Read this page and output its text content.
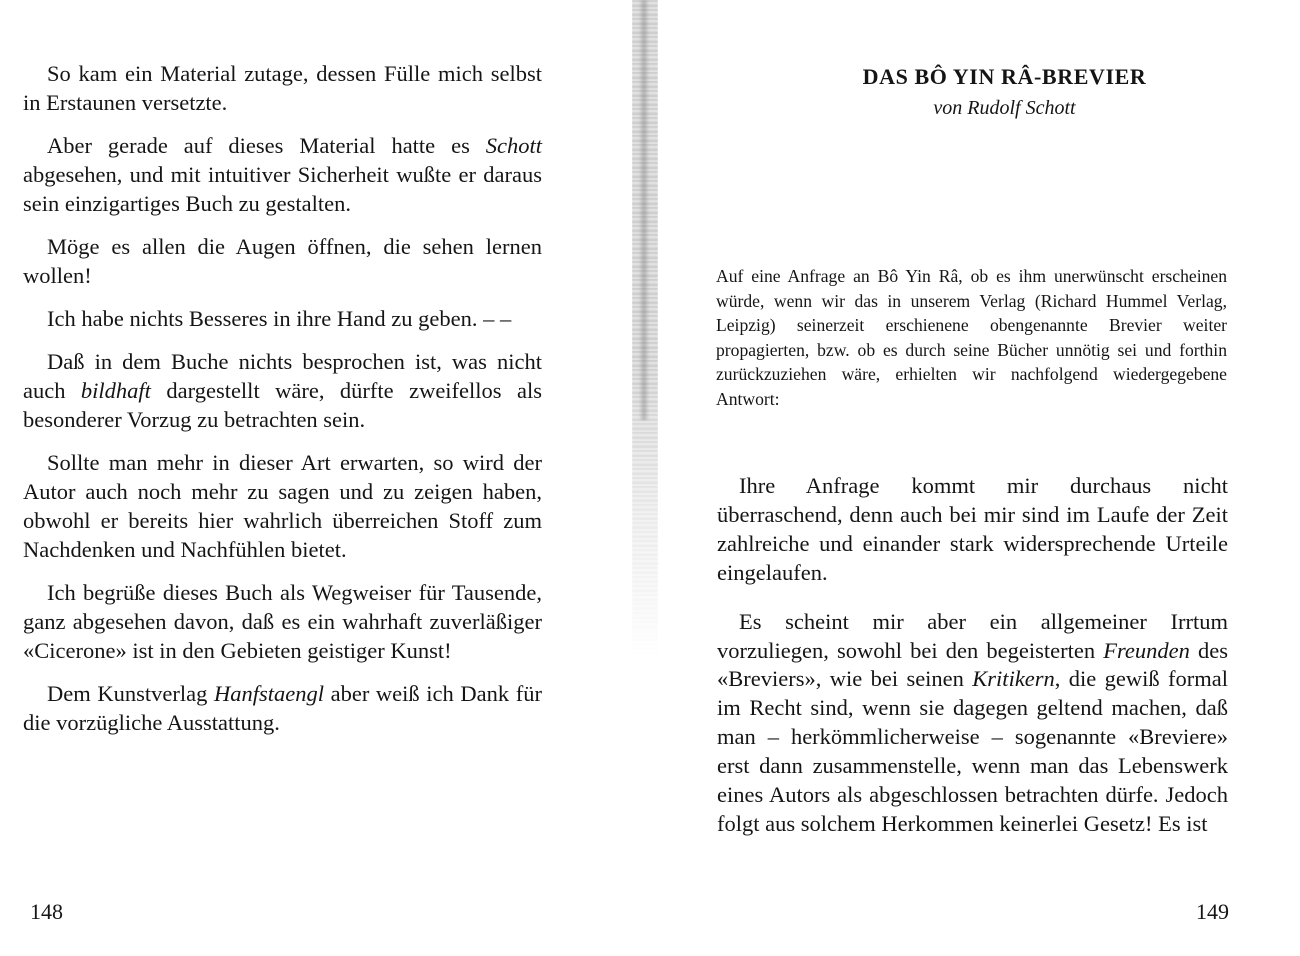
So kam ein Material zutage, dessen Fülle mich selbst in Erstaunen versetzte.

Aber gerade auf dieses Material hatte es Schott abgesehen, und mit intuitiver Sicherheit wußte er daraus sein einzigartiges Buch zu gestalten.

Möge es allen die Augen öffnen, die sehen lernen wollen!

Ich habe nichts Besseres in ihre Hand zu geben. – –

Daß in dem Buche nichts besprochen ist, was nicht auch bildhaft dargestellt wäre, dürfte zweifellos als besonderer Vorzug zu betrachten sein.

Sollte man mehr in dieser Art erwarten, so wird der Autor auch noch mehr zu sagen und zu zeigen haben, obwohl er bereits hier wahrlich überreichen Stoff zum Nachdenken und Nachfühlen bietet.

Ich begrüße dieses Buch als Wegweiser für Tausende, ganz abgesehen davon, daß es ein wahrhaft zuverläßiger «Cicerone» ist in den Gebieten geistiger Kunst!

Dem Kunstverlag Hanfstaengl aber weiß ich Dank für die vorzügliche Ausstattung.

148
DAS BÔ YIN RÂ-BREVIER
von Rudolf Schott

Auf eine Anfrage an Bô Yin Râ, ob es ihm unerwünscht erscheinen würde, wenn wir das in unserem Verlag (Richard Hummel Verlag, Leipzig) seinerzeit erschienene obengenannte Brevier weiter propagierten, bzw. ob es durch seine Bücher unnötig sei und forthin zurückzuziehen wäre, erhielten wir nachfolgend wiedergegebene Antwort:

Ihre Anfrage kommt mir durchaus nicht überraschend, denn auch bei mir sind im Laufe der Zeit zahlreiche und einander stark widersprechende Urteile eingelaufen.

Es scheint mir aber ein allgemeiner Irrtum vorzuliegen, sowohl bei den begeisterten Freunden des «Breviers», wie bei seinen Kritikern, die gewiß formal im Recht sind, wenn sie dagegen geltend machen, daß man – herkömmlicherweise – sogenannte «Breviere» erst dann zusammenstelle, wenn man das Lebenswerk eines Autors als abgeschlossen betrachten dürfe. Jedoch folgt aus solchem Herkommen keinerlei Gesetz! Es ist

149
